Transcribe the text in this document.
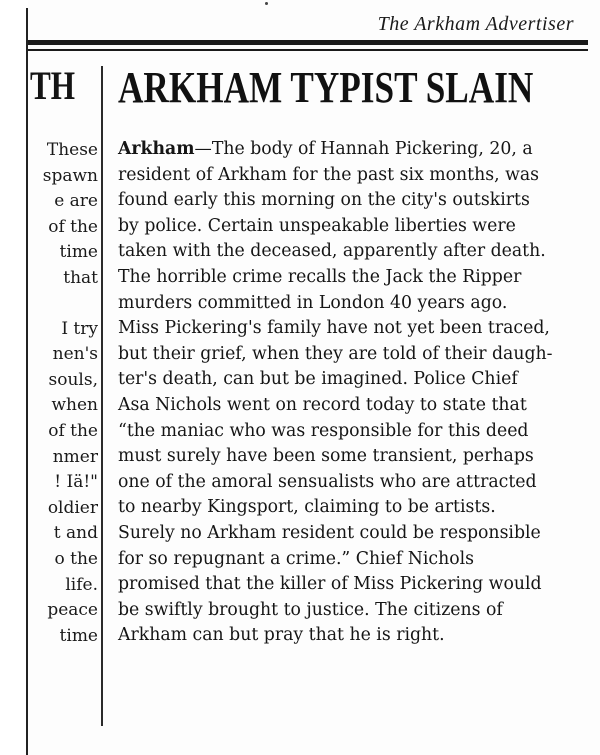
The Arkham Advertiser
TH
These
spawn
e are
of the
time
that
I try
nen's
souls,
when
of the
nmer
! Iä!"
oldier
t and
o the
life.
peace
time
ARKHAM TYPIST SLAIN
Arkham—The body of Hannah Pickering, 20, a
resident of Arkham for the past six months, was
found early this morning on the city's outskirts
by police. Certain unspeakable liberties were
taken with the deceased, apparently after death.
The horrible crime recalls the Jack the Ripper
murders committed in London 40 years ago.
Miss Pickering's family have not yet been traced,
but their grief, when they are told of their daugh-
ter's death, can but be imagined. Police Chief
Asa Nichols went on record today to state that
“the maniac who was responsible for this deed
must surely have been some transient, perhaps
one of the amoral sensualists who are attracted
to nearby Kingsport, claiming to be artists.
Surely no Arkham resident could be responsible
for so repugnant a crime.” Chief Nichols
promised that the killer of Miss Pickering would
be swiftly brought to justice. The citizens of
Arkham can but pray that he is right.
